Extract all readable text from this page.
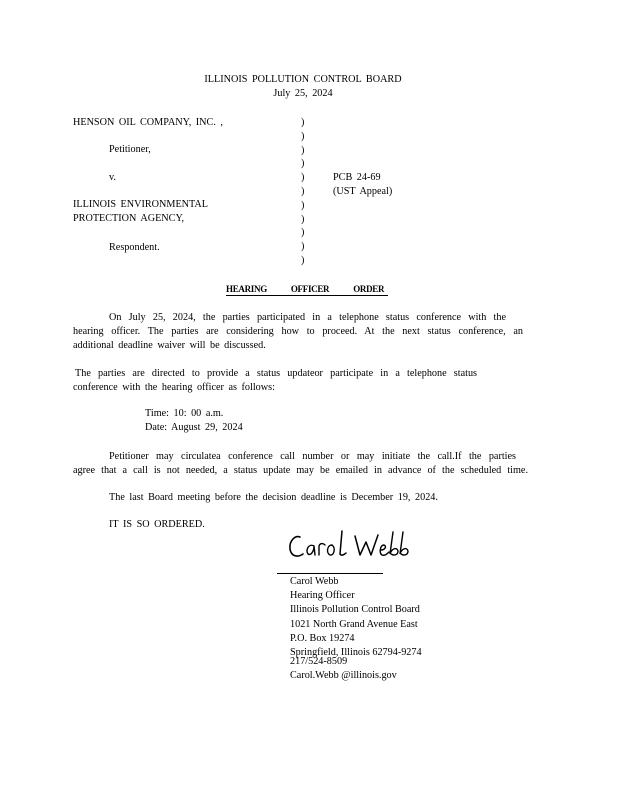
ILLINOIS POLLUTION CONTROL BOARD
July 25, 2024
HENSON OIL COMPANY, INC. ,
Petitioner,
v.
ILLINOIS ENVIRONMENTAL
PROTECTION AGENCY,
Respondent.
)
)
)
)
)
)
)
)
)
)
)
PCB 24-69
(UST Appeal)
HEARING OFFICER ORDER
On July 25, 2024, the parties participated in a telephone status conference with the
hearing officer. The parties are considering how to proceed. At the next status conference, an
additional deadline waiver will be discussed.
The parties are directed to provide a status updateor participate in a telephone status
conference with the hearing officer as follows:
Time: 10: 00 a.m.
Date: August 29, 2024
Petitioner may circulatea conference call number or may initiate the call.If the parties
agree that a call is not needed, a status update may be emailed in advance of the scheduled time.
The last Board meeting before the decision deadline is December 19, 2024.
IT IS SO ORDERED.
Carol Webb
Hearing Officer
Illinois Pollution Control Board
1021 North Grand Avenue East
P.O. Box 19274
Springfield, Illinois 62794-9274
217/524-8509
Carol.Webb @illinois.gov
